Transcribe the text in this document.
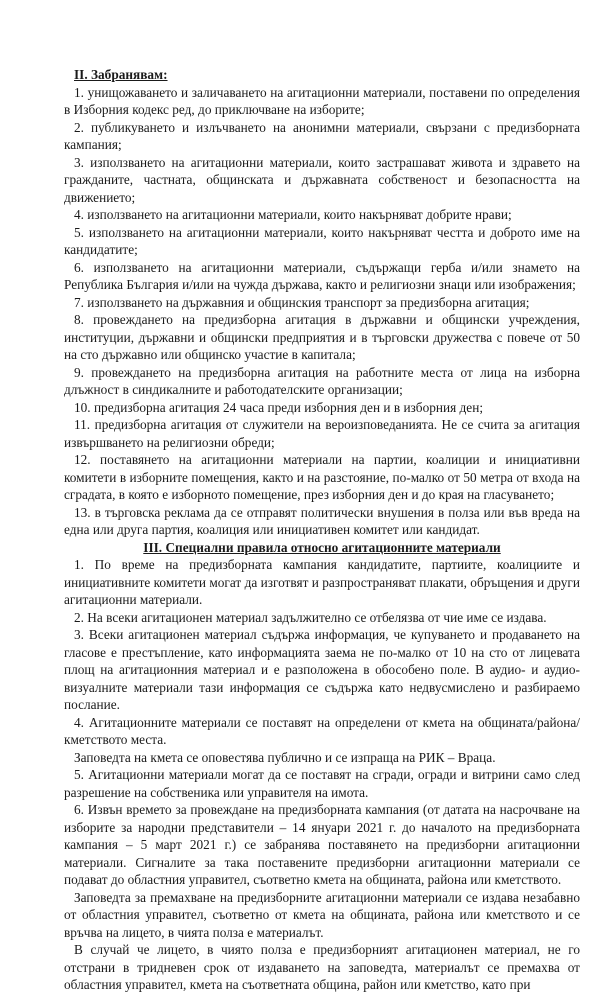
II. Забранявам:

1. унищожаването и заличаването на агитационни материали, поставени по определения в Изборния кодекс ред, до приключване на изборите;

2. публикуването и излъчването на анонимни материали, свързани с предизборната кампания;

3. използването на агитационни материали, които застрашават живота и здравето на гражданите, частната, общинската и държавната собственост и безопасността на движението;

4. използването на агитационни материали, които накърняват добрите нрави;

5. използването на агитационни материали, които накърняват честта и доброто име на кандидатите;

6. използването на агитационни материали, съдържащи герба и/или знамето на Република България и/или на чужда държава, както и религиозни знаци или изображения;

7. използването на държавния и общинския транспорт за предизборна агитация;

8. провеждането на предизборна агитация в държавни и общински учреждения, институции, държавни и общински предприятия и в търговски дружества с повече от 50 на сто държавно или общинско участие в капитала;

9. провеждането на предизборна агитация на работните места от лица на изборна длъжност в синдикалните и работодателските организации;

10. предизборна агитация 24 часа преди изборния ден и в изборния ден;

11. предизборна агитация от служители на вероизповеданията. Не се счита за агитация извършването на религиозни обреди;

12. поставянето на агитационни материали на партии, коалиции и инициативни комитети в изборните помещения, както и на разстояние, по-малко от 50 метра от входа на сградата, в която е изборното помещение, през изборния ден и до края на гласуването;

13. в търговска реклама да се отправят политически внушения в полза или във вреда на една или друга партия, коалиция или инициативен комитет или кандидат.

III. Специални правила относно агитационните материали

1. По време на предизборната кампания кандидатите, партиите, коалициите и инициативните комитети могат да изготвят и разпространяват плакати, обръщения и други агитационни материали.

2. На всеки агитационен материал задължително се отбелязва от чие име се издава.

3. Всеки агитационен материал съдържа информация, че купуването и продаването на гласове е престъпление, като информацията заема не по-малко от 10 на сто от лицевата площ на агитационния материал и е разположена в обособено поле. В аудио- и аудио-визуалните материали тази информация се съдържа като недвусмислено и разбираемо послание.

4. Агитационните материали се поставят на определени от кмета на общината/района/кметството места.

Заповедта на кмета се оповестява публично и се изпраща на РИК – Враца.

5. Агитационни материали могат да се поставят на сгради, огради и витрини само след разрешение на собственика или управителя на имота.

6. Извън времето за провеждане на предизборната кампания (от датата на насрочване на изборите за народни представители – 14 януари 2021 г. до началото на предизборната кампания – 5 март 2021 г.) се забранява поставянето на предизборни агитационни материали. Сигналите за така поставените предизборни агитационни материали се подават до областния управител, съответно кмета на общината, района или кметството.

Заповедта за премахване на предизборните агитационни материали се издава незабавно от областния управител, съответно от кмета на общината, района или кметството и се връчва на лицето, в чията полза е материалът.

В случай че лицето, в чиято полза е предизборният агитационен материал, не го отстрани в тридневен срок от издаването на заповедта, материалът се премахва от областния управител, кмета на съответната община, район или кметство, като при
